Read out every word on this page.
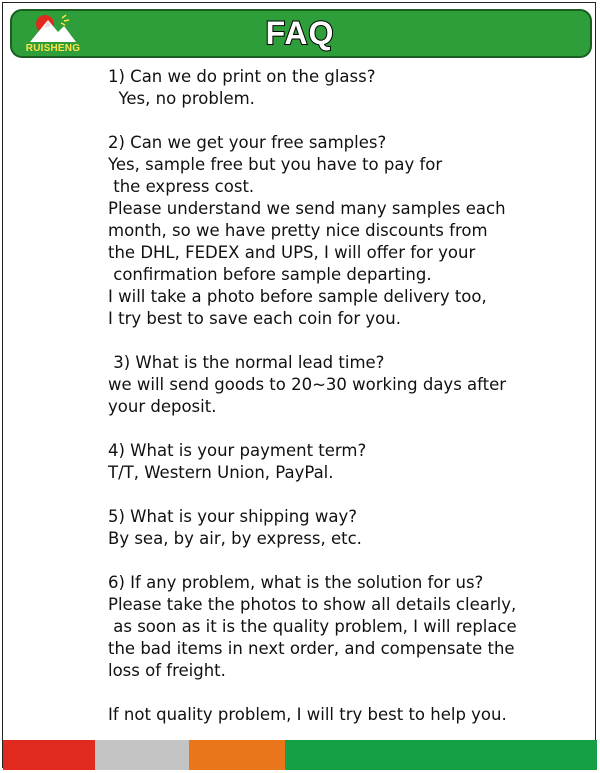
RUISHENG	FAQ
1) Can we do print on the glass?
Yes, no problem.
2) Can we get your free samples?
Yes, sample free but you have to pay for
the express cost.
Please understand we send many samples each
month, so we have pretty nice discounts from
the DHL, FEDEX and UPS, I will offer for your
confirmation before sample departing.
I will take a photo before sample delivery too,
I try best to save each coin for you.
3) What is the normal lead time?
we will send goods to 20~30 working days after
your deposit.
4) What is your payment term?
T/T, Western Union, PayPal.
5) What is your shipping way?
By sea, by air, by express, etc.
6) If any problem, what is the solution for us?
Please take the photos to show all details clearly,
as soon as it is the quality problem, I will replace
the bad items in next order, and compensate the
loss of freight.
If not quality problem, I will try best to help you.
